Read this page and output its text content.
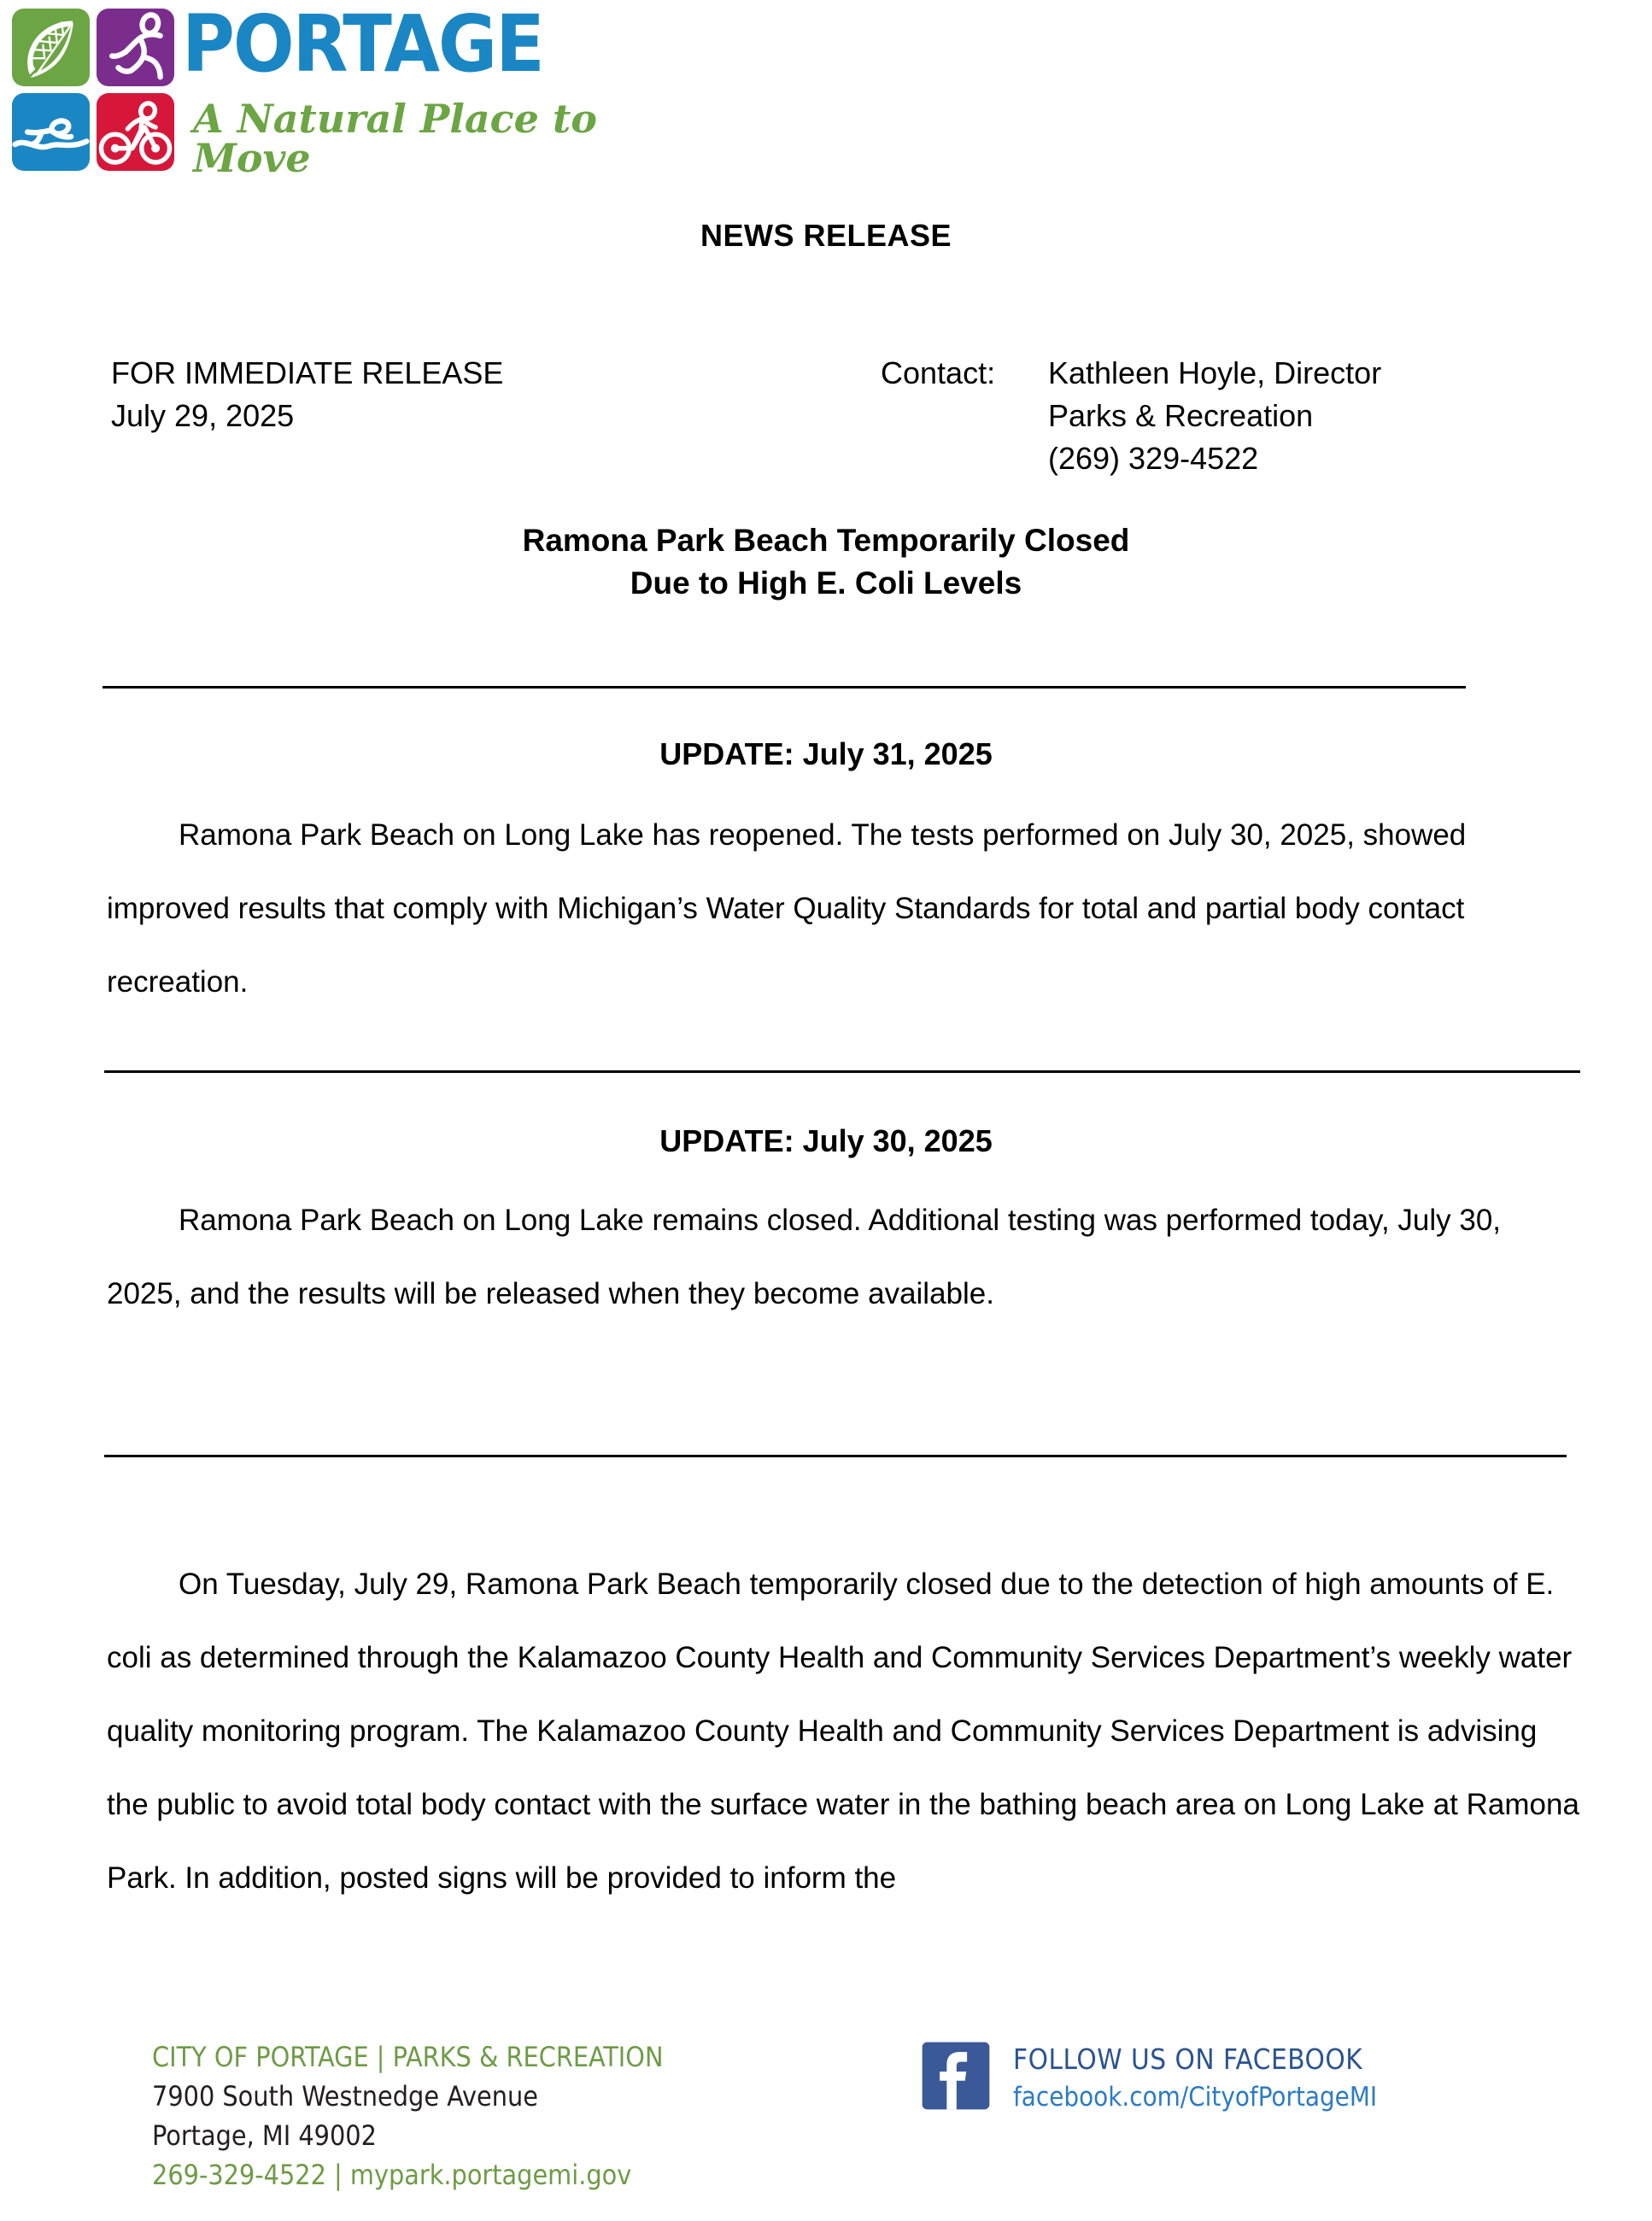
PORTAGE
A Natural Place to Move
NEWS RELEASE
FOR IMMEDIATE RELEASE
July 29, 2025
Contact:	Kathleen Hoyle, Director
Parks & Recreation
(269) 329-4522
Ramona Park Beach Temporarily Closed
Due to High E. Coli Levels
UPDATE: July 31, 2025
Ramona Park Beach on Long Lake has reopened. The tests performed on July 30, 2025, showed improved results that comply with Michigan’s Water Quality Standards for total and partial body contact recreation.
UPDATE: July 30, 2025
Ramona Park Beach on Long Lake remains closed. Additional testing was performed today, July 30, 2025, and the results will be released when they become available.
On Tuesday, July 29, Ramona Park Beach temporarily closed due to the detection of high amounts of E. coli as determined through the Kalamazoo County Health and Community Services Department’s weekly water quality monitoring program. The Kalamazoo County Health and Community Services Department is advising the public to avoid total body contact with the surface water in the bathing beach area on Long Lake at Ramona Park. In addition, posted signs will be provided to inform the
CITY OF PORTAGE | PARKS & RECREATION
7900 South Westnedge Avenue
Portage, MI 49002
269-329-4522 | mypark.portagemi.gov
FOLLOW US ON FACEBOOK
facebook.com/CityofPortageMI
